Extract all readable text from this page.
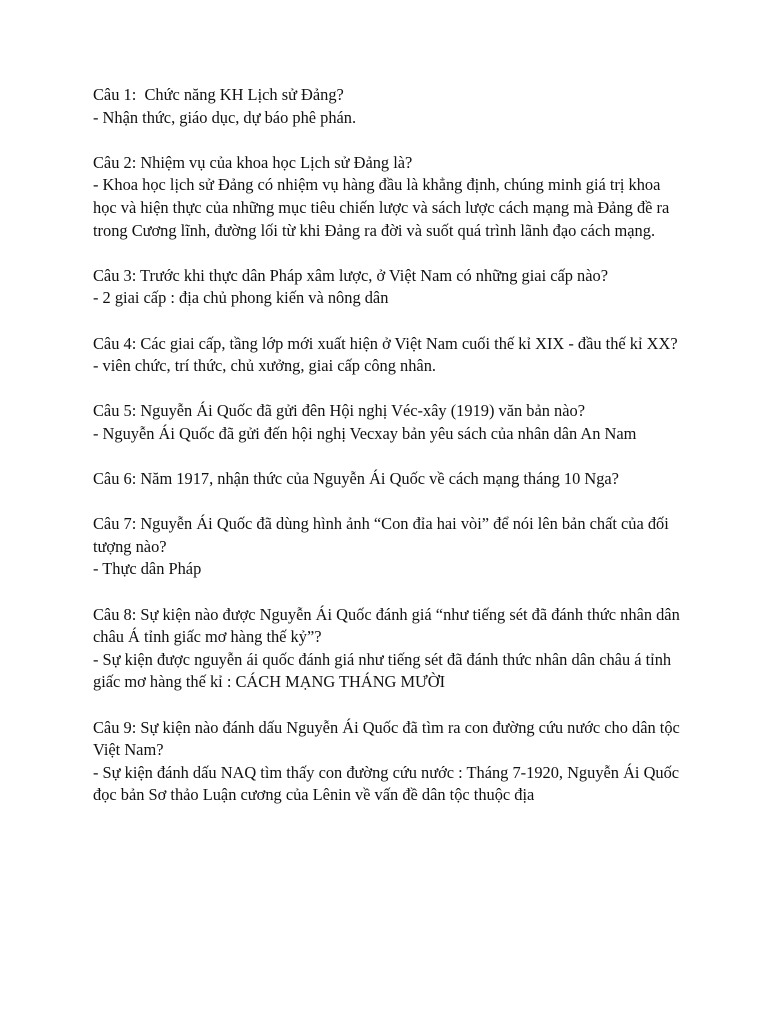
Câu 1:  Chức năng KH Lịch sử Đảng?

- Nhận thức, giáo dục, dự báo phê phán.

Câu 2: Nhiệm vụ của khoa học Lịch sử Đảng là?

- Khoa học lịch sử Đảng có nhiệm vụ hàng đầu là khẳng định, chúng minh giá trị khoa học và hiện thực của những mục tiêu chiến lược và sách lược cách mạng mà Đảng đề ra trong Cương lĩnh, đường lối từ khi Đảng ra đời và suốt quá trình lãnh đạo cách mạng.

Câu 3: Trước khi thực dân Pháp xâm lược, ở Việt Nam có những giai cấp nào?

- 2 giai cấp : địa chủ phong kiến và nông dân

Câu 4: Các giai cấp, tầng lớp mới xuất hiện ở Việt Nam cuối thế kỉ XIX - đầu thế kỉ XX?

- viên chức, trí thức, chủ xưởng, giai cấp công nhân.

Câu 5: Nguyễn Ái Quốc đã gửi đên Hội nghị Véc-xây (1919) văn bản nào?

- Nguyễn Ái Quốc đã gửi đến hội nghị Vecxay bản yêu sách của nhân dân An Nam

Câu 6: Năm 1917, nhận thức của Nguyễn Ái Quốc về cách mạng tháng 10 Nga?

Câu 7: Nguyễn Ái Quốc đã dùng hình ảnh “Con đỉa hai vòi” để nói lên bản chất của đối tượng nào?

- Thực dân Pháp

Câu 8: Sự kiện nào được Nguyễn Ái Quốc đánh giá “như tiếng sét đã đánh thức nhân dân châu Á tỉnh giấc mơ hàng thế kỷ”?

- Sự kiện được nguyễn ái quốc đánh giá như tiếng sét đã đánh thức nhân dân châu á tỉnh giấc mơ hàng thế kỉ : CÁCH MẠNG THÁNG MƯỜI

Câu 9: Sự kiện nào đánh dấu Nguyễn Ái Quốc đã tìm ra con đường cứu nước cho dân tộc Việt Nam?

- Sự kiện đánh dấu NAQ tìm thấy con đường cứu nước : Tháng 7-1920, Nguyễn Ái Quốc đọc bản Sơ thảo Luận cương của Lênin về vấn đề dân tộc thuộc địa
